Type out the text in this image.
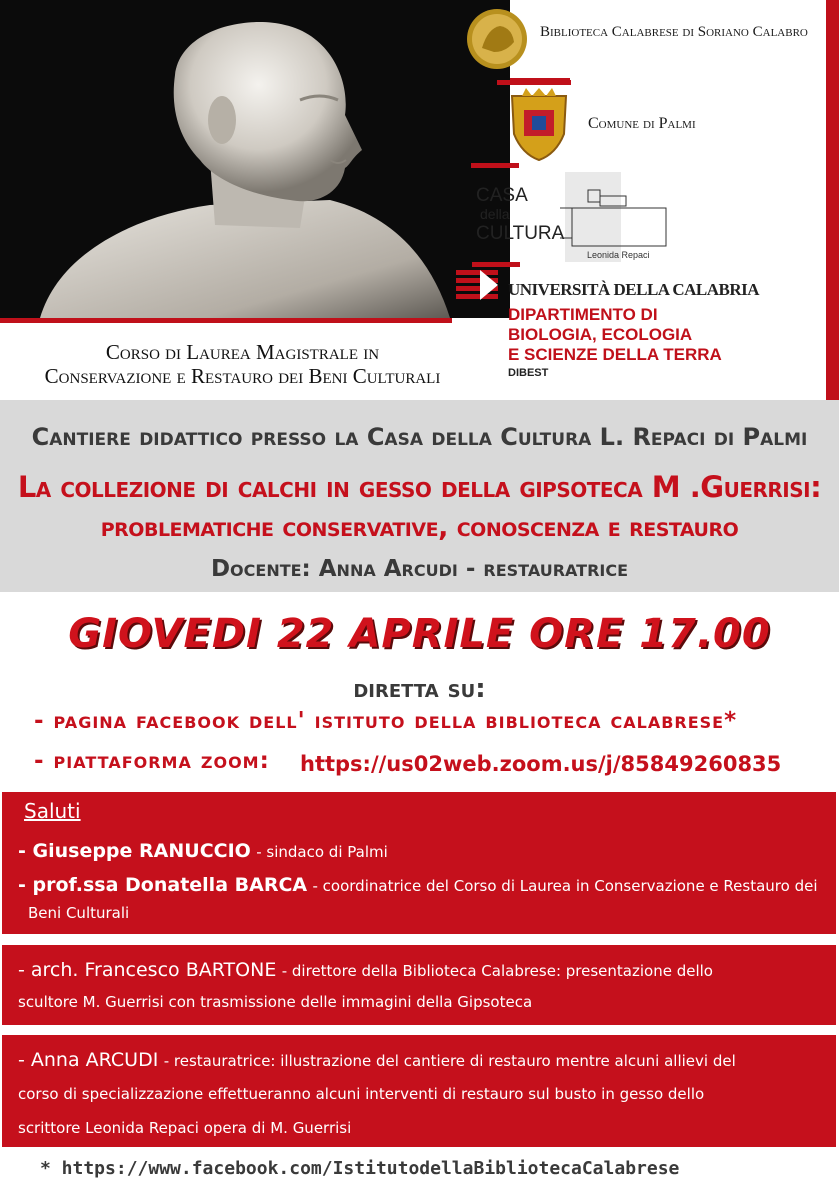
Biblioteca Calabrese di Soriano Calabro
Comune di Palmi
CASA
della
CULTURA
Leonida Repaci
UNIVERSITÀ DELLA CALABRIA
DIPARTIMENTO DI
BIOLOGIA, ECOLOGIA
E SCIENZE DELLA TERRA
DIBEST
Corso di Laurea Magistrale in
Conservazione e Restauro dei Beni Culturali
Cantiere didattico presso la Casa della Cultura L. Repaci di Palmi
La collezione di calchi in gesso della gipsoteca M .Guerrisi:
problematiche conservative, conoscenza e restauro
Docente: Anna Arcudi - restauratrice
GIOVEDI 22 APRILE ORE 17.00
diretta su:
- pagina facebook dell' istituto della biblioteca calabrese*
- piattaforma zoom: https://us02web.zoom.us/j/85849260835
Saluti
- Giuseppe RANUCCIO - sindaco di Palmi
- prof.ssa Donatella BARCA - coordinatrice del Corso di Laurea in Conservazione e Restauro dei
Beni Culturali
- arch. Francesco BARTONE - direttore della Biblioteca Calabrese: presentazione dello
scultore M. Guerrisi con trasmissione delle immagini della Gipsoteca
- Anna ARCUDI - restauratrice: illustrazione del cantiere di restauro mentre alcuni allievi del
corso di specializzazione effettueranno alcuni interventi di restauro sul busto in gesso dello
scrittore Leonida Repaci opera di M. Guerrisi
* https://www.facebook.com/IstitutodellaBibliotecaCalabrese
